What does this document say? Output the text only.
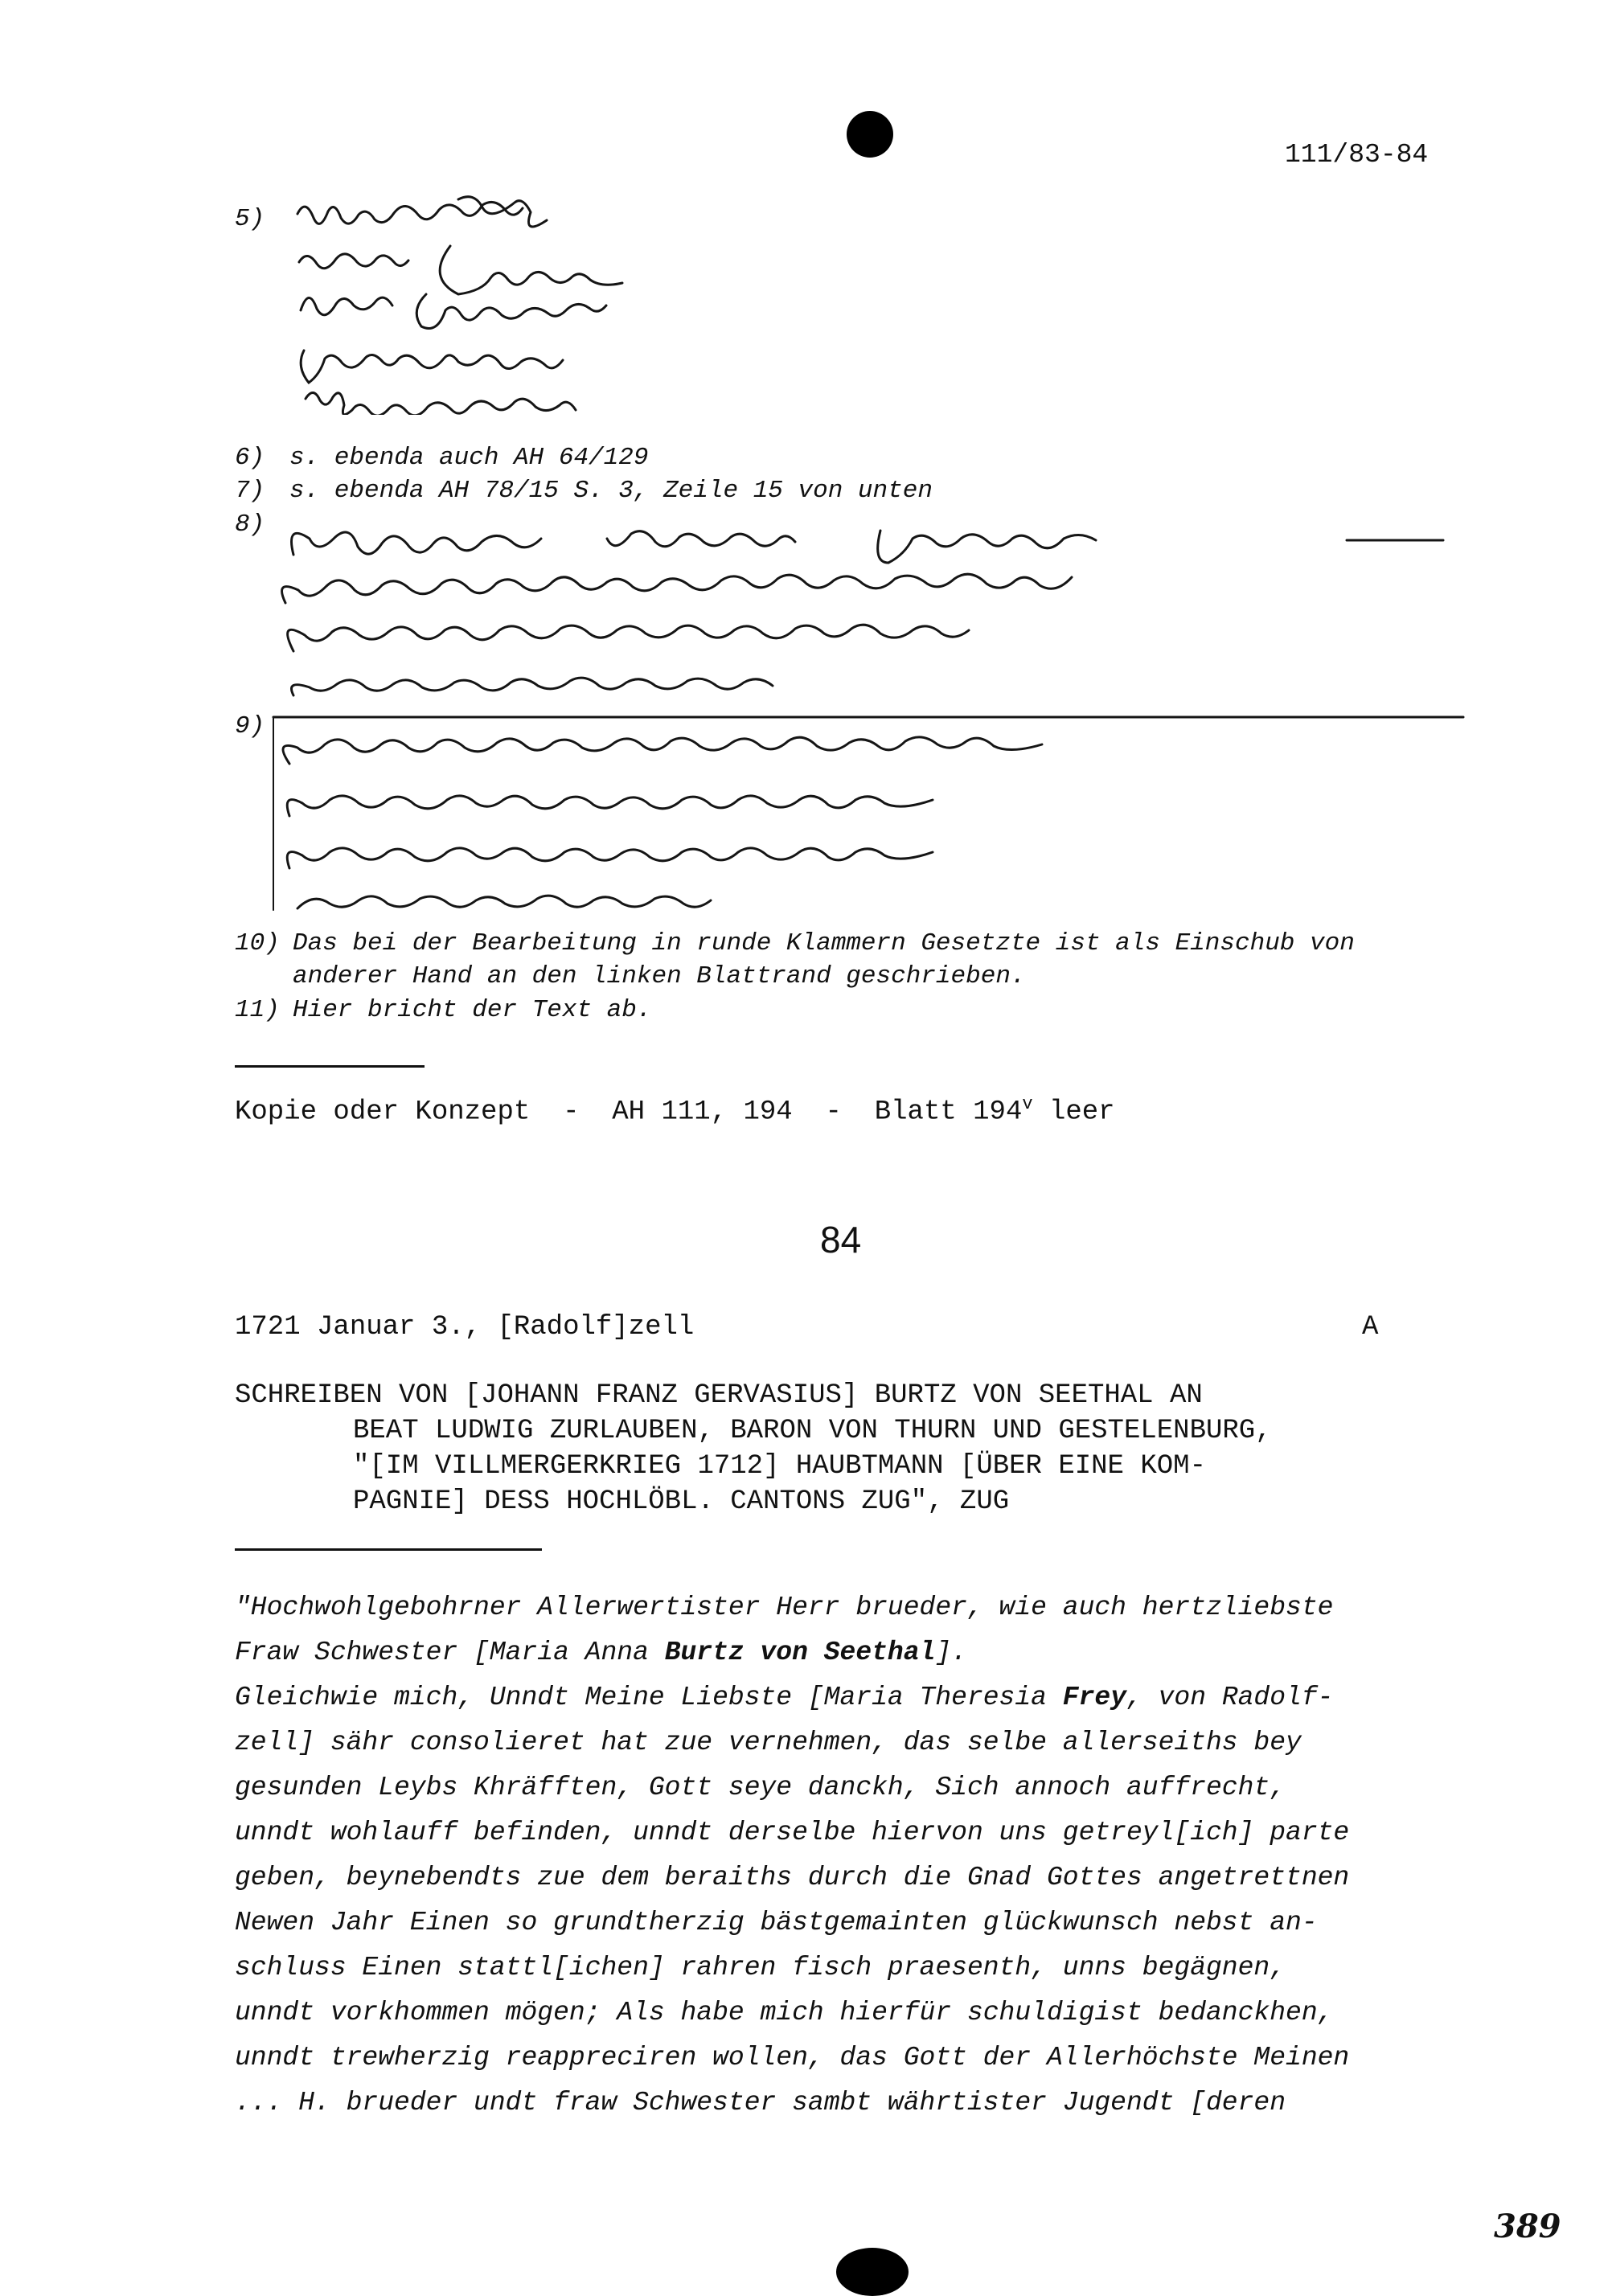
111/83-84
5)
6) s. ebenda auch AH 64/129
7) s. ebenda AH 78/15 S. 3, Zeile 15 von unten
8)
9)
10) Das bei der Bearbeitung in runde Klammern Gesetzte ist als Einschub von
anderer Hand an den linken Blattrand geschrieben.
11) Hier bricht der Text ab.
Kopie oder Konzept  -  AH 111, 194  -  Blatt 194$^v$ leer
84
1721 Januar 3., [Radolf]zell	A
SCHREIBEN VON [JOHANN FRANZ GERVASIUS] BURTZ VON SEETHAL AN
BEAT LUDWIG ZURLAUBEN, BARON VON THURN UND GESTELENBURG,
"[IM VILLMERGERKRIEG 1712] HAUBTMANN [ÜBER EINE KOM-
PAGNIE] DESS HOCHLÖBL. CANTONS ZUG", ZUG
"Hochwohlgebohrner Allerwertister Herr brueder, wie auch hertzliebste
Fraw Schwester [Maria Anna Burtz von Seethal].
Gleichwie mich, Unndt Meine Liebste [Maria Theresia Frey, von Radolf-
zell] sähr consolieret hat zue vernehmen, das selbe allerseiths bey
gesunden Leybs Khräfften, Gott seye danckh, Sich annoch auffrecht,
unndt wohlauff befinden, unndt derselbe hiervon uns getreyl[ich] parte
geben, beynebendts zue dem beraiths durch die Gnad Gottes angetrettnen
Newen Jahr Einen so grundtherzig bästgemainten glückwunsch nebst an-
schluss Einen stattl[ichen] rahren fisch praesenth, unns begägnen,
unndt vorkhommen mögen; Als habe mich hierfür schuldigist bedanckhen,
unndt trewherzig reappreciren wollen, das Gott der Allerhöchste Meinen
... H. brueder undt fraw Schwester sambt währtister Jugendt [deren
389
